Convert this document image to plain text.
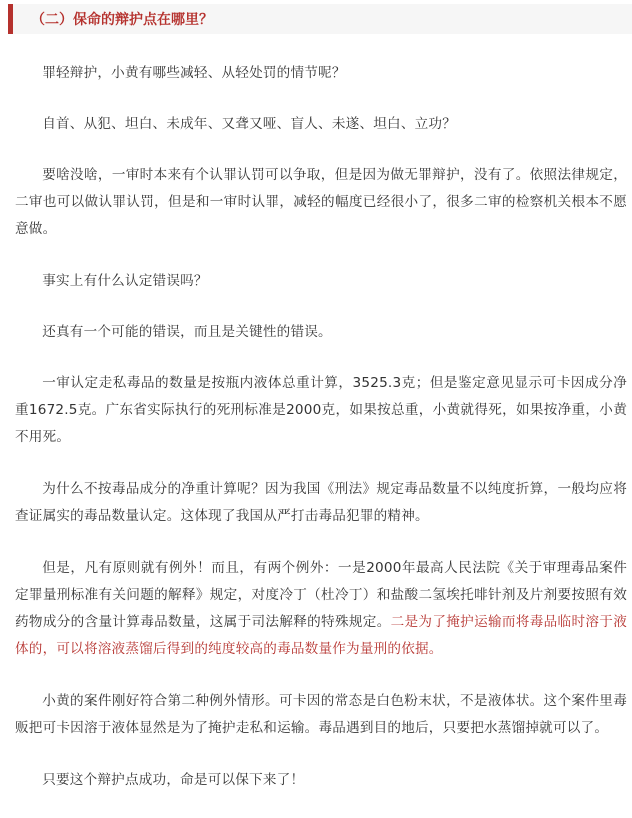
（二）保命的辩护点在哪里？

罪轻辩护，小黄有哪些减轻、从轻处罚的情节呢？

自首、从犯、坦白、未成年、又聋又哑、盲人、未遂、坦白、立功？

要啥没啥，一审时本来有个认罪认罚可以争取，但是因为做无罪辩护，没有了。依照法律规定，二审也可以做认罪认罚，但是和一审时认罪，减轻的幅度已经很小了，很多二审的检察机关根本不愿意做。

事实上有什么认定错误吗？

还真有一个可能的错误，而且是关键性的错误。

一审认定走私毒品的数量是按瓶内液体总重计算，3525.3克；但是鉴定意见显示可卡因成分净重1672.5克。广东省实际执行的死刑标准是2000克，如果按总重，小黄就得死，如果按净重，小黄不用死。

为什么不按毒品成分的净重计算呢？因为我国《刑法》规定毒品数量不以纯度折算，一般均应将查证属实的毒品数量认定。这体现了我国从严打击毒品犯罪的精神。

但是，凡有原则就有例外！而且，有两个例外：一是2000年最高人民法院《关于审理毒品案件定罪量刑标准有关问题的解释》规定，对度冷丁（杜冷丁）和盐酸二氢埃托啡针剂及片剂要按照有效药物成分的含量计算毒品数量，这属于司法解释的特殊规定。二是为了掩护运输而将毒品临时溶于液体的，可以将溶液蒸馏后得到的纯度较高的毒品数量作为量刑的依据。

小黄的案件刚好符合第二种例外情形。可卡因的常态是白色粉末状，不是液体状。这个案件里毒贩把可卡因溶于液体显然是为了掩护走私和运输。毒品遇到目的地后，只要把水蒸馏掉就可以了。

只要这个辩护点成功，命是可以保下来了！
